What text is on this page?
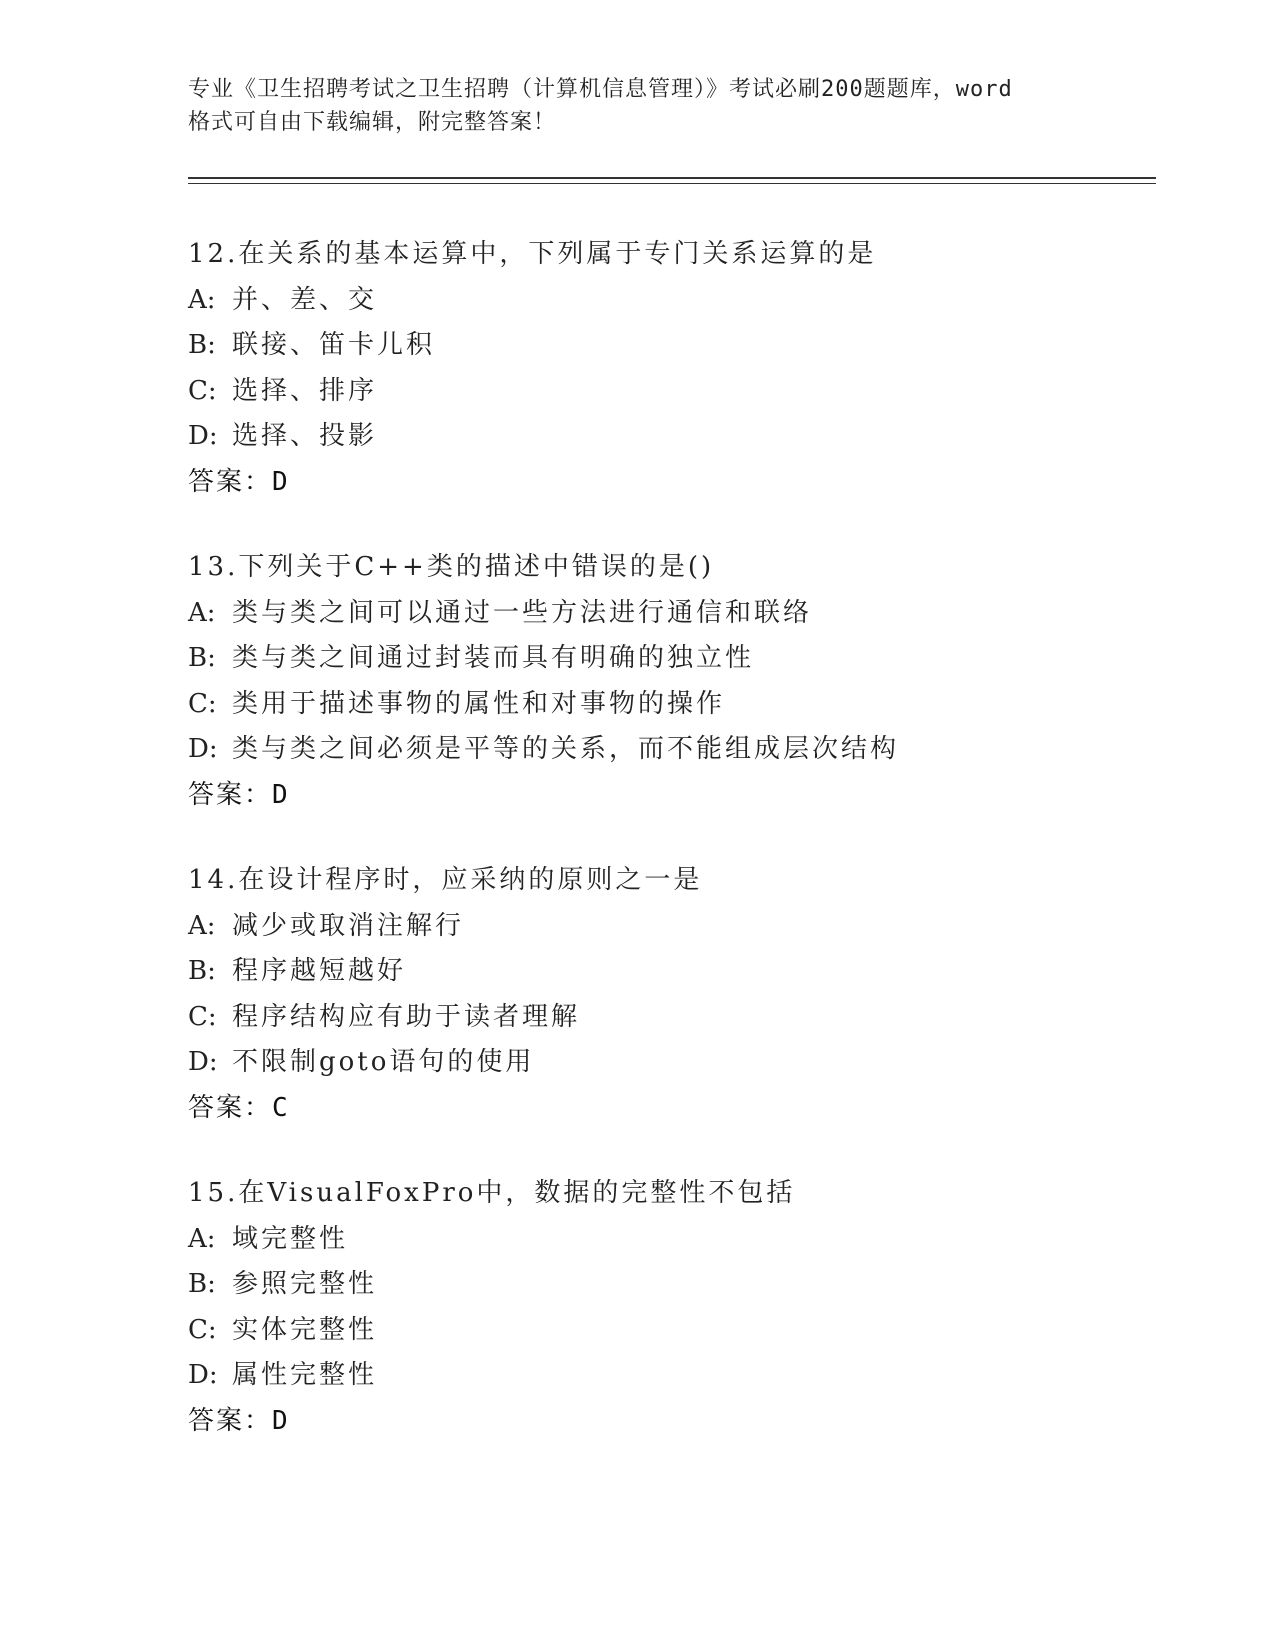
专业《卫生招聘考试之卫生招聘（计算机信息管理）》考试必刷200题题库，word
格式可自由下载编辑，附完整答案！
12.在关系的基本运算中，下列属于专门关系运算的是
A: 并、差、交
B: 联接、笛卡儿积
C: 选择、排序
D: 选择、投影
答案：D
13.下列关于C++类的描述中错误的是()
A: 类与类之间可以通过一些方法进行通信和联络
B: 类与类之间通过封装而具有明确的独立性
C: 类用于描述事物的属性和对事物的操作
D: 类与类之间必须是平等的关系，而不能组成层次结构
答案：D
14.在设计程序时，应采纳的原则之一是
A: 减少或取消注解行
B: 程序越短越好
C: 程序结构应有助于读者理解
D: 不限制goto语句的使用
答案：C
15.在VisualFoxPro中，数据的完整性不包括
A: 域完整性
B: 参照完整性
C: 实体完整性
D: 属性完整性
答案：D
